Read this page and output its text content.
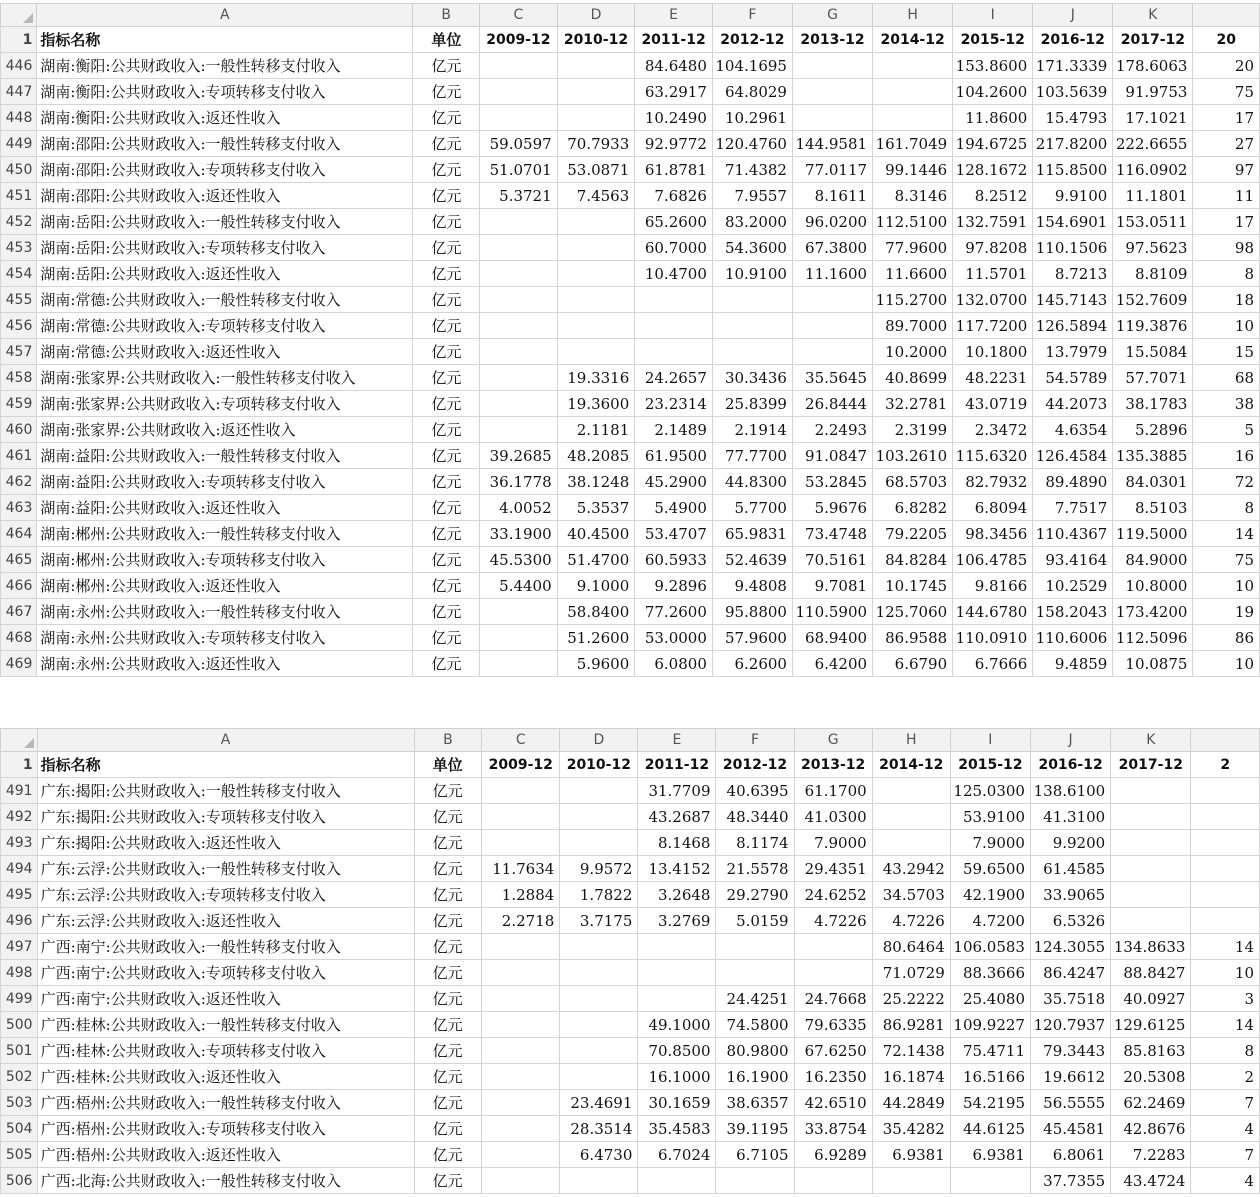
	A	B	C	D	E	F	G	H	I	J	K	
1	指标名称	单位	2009-12	2010-12	2011-12	2012-12	2013-12	2014-12	2015-12	2016-12	2017-12	20
446	湖南:衡阳:公共财政收入:一般性转移支付收入	亿元			84.6480	104.1695			153.8600	171.3339	178.6063	20
447	湖南:衡阳:公共财政收入:专项转移支付收入	亿元			63.2917	64.8029			104.2600	103.5639	91.9753	75
448	湖南:衡阳:公共财政收入:返还性收入	亿元			10.2490	10.2961			11.8600	15.4793	17.1021	17
449	湖南:邵阳:公共财政收入:一般性转移支付收入	亿元	59.0597	70.7933	92.9772	120.4760	144.9581	161.7049	194.6725	217.8200	222.6655	27
450	湖南:邵阳:公共财政收入:专项转移支付收入	亿元	51.0701	53.0871	61.8781	71.4382	77.0117	99.1446	128.1672	115.8500	116.0902	97
451	湖南:邵阳:公共财政收入:返还性收入	亿元	5.3721	7.4563	7.6826	7.9557	8.1611	8.3146	8.2512	9.9100	11.1801	11
452	湖南:岳阳:公共财政收入:一般性转移支付收入	亿元			65.2600	83.2000	96.0200	112.5100	132.7591	154.6901	153.0511	17
453	湖南:岳阳:公共财政收入:专项转移支付收入	亿元			60.7000	54.3600	67.3800	77.9600	97.8208	110.1506	97.5623	98
454	湖南:岳阳:公共财政收入:返还性收入	亿元			10.4700	10.9100	11.1600	11.6600	11.5701	8.7213	8.8109	8
455	湖南:常德:公共财政收入:一般性转移支付收入	亿元						115.2700	132.0700	145.7143	152.7609	18
456	湖南:常德:公共财政收入:专项转移支付收入	亿元						89.7000	117.7200	126.5894	119.3876	10
457	湖南:常德:公共财政收入:返还性收入	亿元						10.2000	10.1800	13.7979	15.5084	15
458	湖南:张家界:公共财政收入:一般性转移支付收入	亿元		19.3316	24.2657	30.3436	35.5645	40.8699	48.2231	54.5789	57.7071	68
459	湖南:张家界:公共财政收入:专项转移支付收入	亿元		19.3600	23.2314	25.8399	26.8444	32.2781	43.0719	44.2073	38.1783	38
460	湖南:张家界:公共财政收入:返还性收入	亿元		2.1181	2.1489	2.1914	2.2493	2.3199	2.3472	4.6354	5.2896	5
461	湖南:益阳:公共财政收入:一般性转移支付收入	亿元	39.2685	48.2085	61.9500	77.7700	91.0847	103.2610	115.6320	126.4584	135.3885	16
462	湖南:益阳:公共财政收入:专项转移支付收入	亿元	36.1778	38.1248	45.2900	44.8300	53.2845	68.5703	82.7932	89.4890	84.0301	72
463	湖南:益阳:公共财政收入:返还性收入	亿元	4.0052	5.3537	5.4900	5.7700	5.9676	6.8282	6.8094	7.7517	8.5103	8
464	湖南:郴州:公共财政收入:一般性转移支付收入	亿元	33.1900	40.4500	53.4707	65.9831	73.4748	79.2205	98.3456	110.4367	119.5000	14
465	湖南:郴州:公共财政收入:专项转移支付收入	亿元	45.5300	51.4700	60.5933	52.4639	70.5161	84.8284	106.4785	93.4164	84.9000	75
466	湖南:郴州:公共财政收入:返还性收入	亿元	5.4400	9.1000	9.2896	9.4808	9.7081	10.1745	9.8166	10.2529	10.8000	10
467	湖南:永州:公共财政收入:一般性转移支付收入	亿元		58.8400	77.2600	95.8800	110.5900	125.7060	144.6780	158.2043	173.4200	19
468	湖南:永州:公共财政收入:专项转移支付收入	亿元		51.2600	53.0000	57.9600	68.9400	86.9588	110.0910	110.6006	112.5096	86
469	湖南:永州:公共财政收入:返还性收入	亿元		5.9600	6.0800	6.2600	6.4200	6.6790	6.7666	9.4859	10.0875	10
	A	B	C	D	E	F	G	H	I	J	K	
1	指标名称	单位	2009-12	2010-12	2011-12	2012-12	2013-12	2014-12	2015-12	2016-12	2017-12	2
491	广东:揭阳:公共财政收入:一般性转移支付收入	亿元			31.7709	40.6395	61.1700		125.0300	138.6100		
492	广东:揭阳:公共财政收入:专项转移支付收入	亿元			43.2687	48.3440	41.0300		53.9100	41.3100		
493	广东:揭阳:公共财政收入:返还性收入	亿元			8.1468	8.1174	7.9000		7.9000	9.9200		
494	广东:云浮:公共财政收入:一般性转移支付收入	亿元	11.7634	9.9572	13.4152	21.5578	29.4351	43.2942	59.6500	61.4585		
495	广东:云浮:公共财政收入:专项转移支付收入	亿元	1.2884	1.7822	3.2648	29.2790	24.6252	34.5703	42.1900	33.9065		
496	广东:云浮:公共财政收入:返还性收入	亿元	2.2718	3.7175	3.2769	5.0159	4.7226	4.7226	4.7200	6.5326		
497	广西:南宁:公共财政收入:一般性转移支付收入	亿元						80.6464	106.0583	124.3055	134.8633	14
498	广西:南宁:公共财政收入:专项转移支付收入	亿元						71.0729	88.3666	86.4247	88.8427	10
499	广西:南宁:公共财政收入:返还性收入	亿元				24.4251	24.7668	25.2222	25.4080	35.7518	40.0927	3
500	广西:桂林:公共财政收入:一般性转移支付收入	亿元			49.1000	74.5800	79.6335	86.9281	109.9227	120.7937	129.6125	14
501	广西:桂林:公共财政收入:专项转移支付收入	亿元			70.8500	80.9800	67.6250	72.1438	75.4711	79.3443	85.8163	8
502	广西:桂林:公共财政收入:返还性收入	亿元			16.1000	16.1900	16.2350	16.1874	16.5166	19.6612	20.5308	2
503	广西:梧州:公共财政收入:一般性转移支付收入	亿元		23.4691	30.1659	38.6357	42.6510	44.2849	54.2195	56.5555	62.2469	7
504	广西:梧州:公共财政收入:专项转移支付收入	亿元		28.3514	35.4583	39.1195	33.8754	35.4282	44.6125	45.4581	42.8676	4
505	广西:梧州:公共财政收入:返还性收入	亿元		6.4730	6.7024	6.7105	6.9289	6.9381	6.9381	6.8061	7.2283	7
506	广西:北海:公共财政收入:一般性转移支付收入	亿元								37.7355	43.4724	4
